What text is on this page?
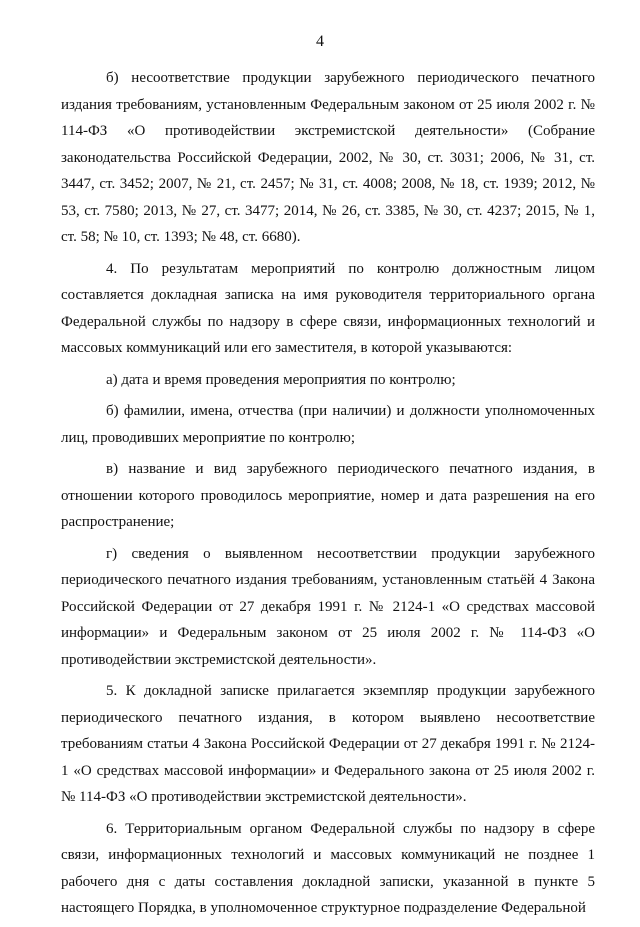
4

б) несоответствие продукции зарубежного периодического печатного издания требованиям, установленным Федеральным законом от 25 июля 2002 г. № 114-ФЗ «О противодействии экстремистской деятельности» (Собрание законодательства Российской Федерации, 2002, № 30, ст. 3031; 2006, № 31, ст. 3447, ст. 3452; 2007, № 21, ст. 2457; № 31, ст. 4008; 2008, № 18, ст. 1939; 2012, № 53, ст. 7580; 2013, № 27, ст. 3477; 2014, № 26, ст. 3385, № 30, ст. 4237; 2015, № 1, ст. 58; № 10, ст. 1393; № 48, ст. 6680).

4. По результатам мероприятий по контролю должностным лицом составляется докладная записка на имя руководителя территориального органа Федеральной службы по надзору в сфере связи, информационных технологий и массовых коммуникаций или его заместителя, в которой указываются:

а) дата и время проведения мероприятия по контролю;

б) фамилии, имена, отчества (при наличии) и должности уполномоченных лиц, проводивших мероприятие по контролю;

в) название и вид зарубежного периодического печатного издания, в отношении которого проводилось мероприятие, номер и дата разрешения на его распространение;

г) сведения о выявленном несоответствии продукции зарубежного периодического печатного издания требованиям, установленным статьёй 4 Закона Российской Федерации от 27 декабря 1991 г. № 2124-1 «О средствах массовой информации» и Федеральным законом от 25 июля 2002 г. № 114-ФЗ «О противодействии экстремистской деятельности».

5. К докладной записке прилагается экземпляр продукции зарубежного периодического печатного издания, в котором выявлено несоответствие требованиям статьи 4 Закона Российской Федерации от 27 декабря 1991 г. № 2124-1 «О средствах массовой информации» и Федерального закона от 25 июля 2002 г. № 114-ФЗ «О противодействии экстремистской деятельности».

6. Территориальным органом Федеральной службы по надзору в сфере связи, информационных технологий и массовых коммуникаций не позднее 1 рабочего дня с даты составления докладной записки, указанной в пункте 5 настоящего Порядка, в уполномоченное структурное подразделение Федеральной
